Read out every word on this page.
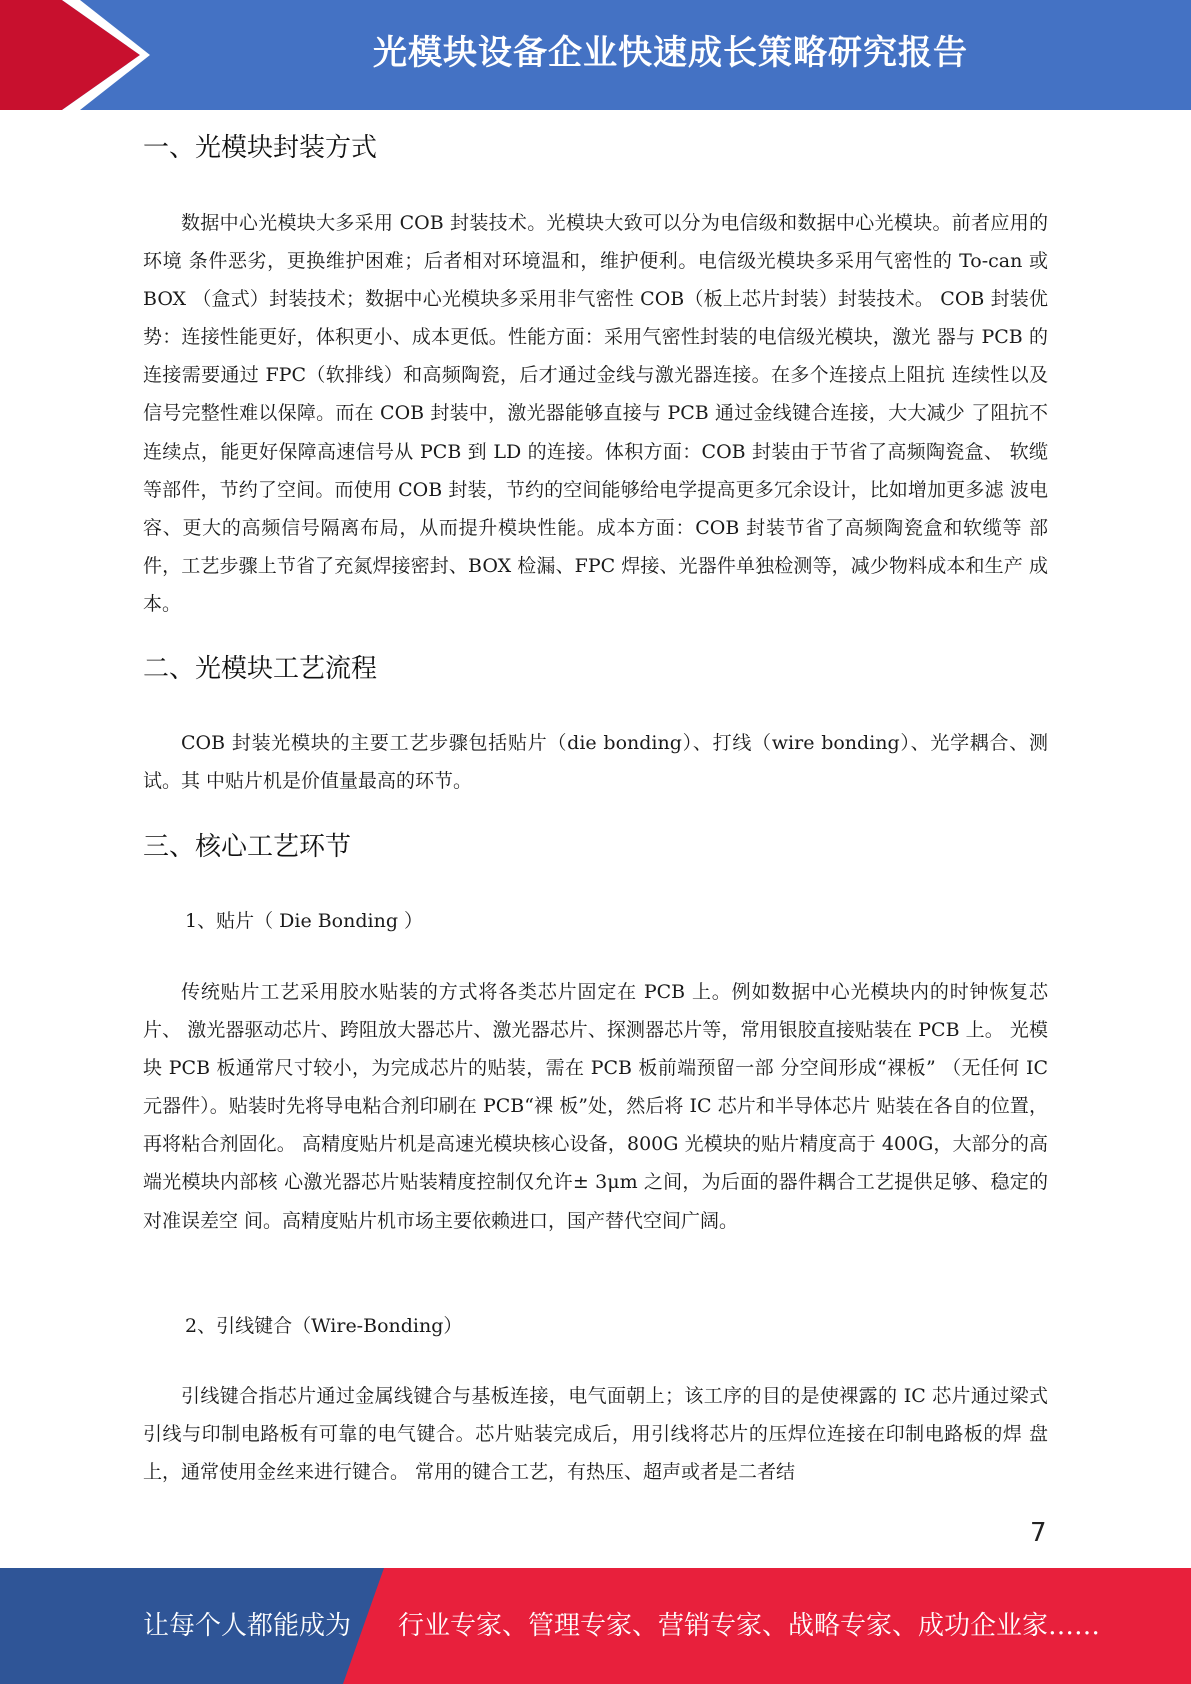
光模块设备企业快速成长策略研究报告
一、光模块封装方式

数据中心光模块大多采用 COB 封装技术。光模块大致可以分为电信级和数据中心光模块。前者应用的环境 条件恶劣，更换维护困难；后者相对环境温和，维护便利。电信级光模块多采用气密性的 To-can 或 BOX （盒式）封装技术；数据中心光模块多采用非气密性 COB（板上芯片封装）封装技术。 COB 封装优势：连接性能更好，体积更小、成本更低。性能方面：采用气密性封装的电信级光模块，激光 器与 PCB 的连接需要通过 FPC（软排线）和高频陶瓷，后才通过金线与激光器连接。在多个连接点上阻抗 连续性以及信号完整性难以保障。而在 COB 封装中，激光器能够直接与 PCB 通过金线键合连接，大大减少 了阻抗不连续点，能更好保障高速信号从 PCB 到 LD 的连接。体积方面：COB 封装由于节省了高频陶瓷盒、 软缆等部件，节约了空间。而使用 COB 封装，节约的空间能够给电学提高更多冗余设计，比如增加更多滤 波电容、更大的高频信号隔离布局，从而提升模块性能。成本方面：COB 封装节省了高频陶瓷盒和软缆等 部件，工艺步骤上节省了充氮焊接密封、BOX 检漏、FPC 焊接、光器件单独检测等，减少物料成本和生产 成本。

二、光模块工艺流程

COB 封装光模块的主要工艺步骤包括贴片（die bonding）、打线（wire bonding）、光学耦合、测试。其 中贴片机是价值量最高的环节。

三、核心工艺环节

1、贴片（ Die Bonding ）

传统贴片工艺采用胶水贴装的方式将各类芯片固定在 PCB 上。例如数据中心光模块内的时钟恢复芯片、 激光器驱动芯片、跨阻放大器芯片、激光器芯片、探测器芯片等，常用银胶直接贴装在 PCB 上。 光模块 PCB 板通常尺寸较小，为完成芯片的贴装，需在 PCB 板前端预留一部 分空间形成“裸板” （无任何 IC 元器件）。贴装时先将导电粘合剂印刷在 PCB“裸 板”处，然后将 IC 芯片和半导体芯片 贴装在各自的位置，再将粘合剂固化。 高精度贴片机是高速光模块核心设备，800G 光模块的贴片精度高于 400G，大部分的高端光模块内部核 心激光器芯片贴装精度控制仅允许± 3μm 之间，为后面的器件耦合工艺提供足够、稳定的对准误差空 间。高精度贴片机市场主要依赖进口，国产替代空间广阔。

2、引线键合（Wire-Bonding）

引线键合指芯片通过金属线键合与基板连接，电气面朝上；该工序的目的是使裸露的 IC 芯片通过梁式 引线与印制电路板有可靠的电气键合。芯片贴装完成后，用引线将芯片的压焊位连接在印制电路板的焊 盘上，通常使用金丝来进行键合。 常用的键合工艺，有热压、超声或者是二者结

7
让每个人都能成为 行业专家、管理专家、营销专家、战略专家、成功企业家……
